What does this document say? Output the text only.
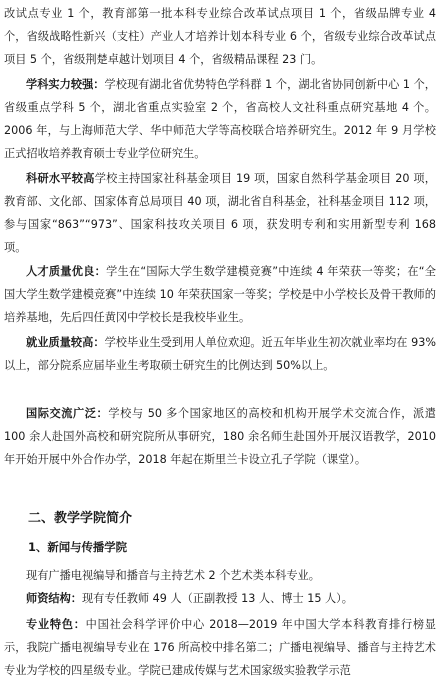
改试点专业 1 个，教育部第一批本科专业综合改革试点项目 1 个，省级品牌专业 4 个，省级战略性新兴（支柱）产业人才培养计划本科专业 6 个，省级专业综合改革试点项目 5 个，省级荆楚卓越计划项目 4 个，省级精品课程 23 门。

学科实力较强：学校现有湖北省优势特色学科群 1 个，湖北省协同创新中心 1 个，省级重点学科 5 个，湖北省重点实验室 2 个，省高校人文社科重点研究基地 4 个。2006 年，与上海师范大学、华中师范大学等高校联合培养研究生。2012 年 9 月学校正式招收培养教育硕士专业学位研究生。

科研水平较高学校主持国家社科基金项目 19 项，国家自然科学基金项目 20 项，教育部、文化部、国家体育总局项目 40 项，湖北省自科基金，社科基金项目 112 项，参与国家“863”“973”、国家科技攻关项目 6 项，获发明专利和实用新型专利 168 项。

人才质量优良：学生在“国际大学生数学建模竞赛”中连续 4 年荣获一等奖；在“全国大学生数学建模竞赛”中连续 10 年荣获国家一等奖；学校是中小学校长及骨干教师的培养基地，先后四任黄冈中学校长是我校毕业生。

就业质量较高：学校毕业生受到用人单位欢迎。近五年毕业生初次就业率均在 93%以上，部分院系应届毕业生考取硕士研究生的比例达到 50%以上。

国际交流广泛：学校与 50 多个国家地区的高校和机构开展学术交流合作，派遣 100 余人赴国外高校和研究院所从事研究，180 余名师生赴国外开展汉语教学，2010 年开始开展中外合作办学，2018 年起在斯里兰卡设立孔子学院（课堂）。

二、教学学院简介
1、新闻与传播学院

现有广播电视编导和播音与主持艺术 2 个艺术类本科专业。

师资结构：现有专任教师 49 人（正副教授 13 人、博士 15 人）。

专业特色：中国社会科学评价中心 2018—2019 年中国大学本科教育排行榜显示，我院广播电视编导专业在 176 所高校中排名第二；广播电视编导、播音与主持艺术专业为学校的四星级专业。学院已建成传媒与艺术国家级实验教学示范
